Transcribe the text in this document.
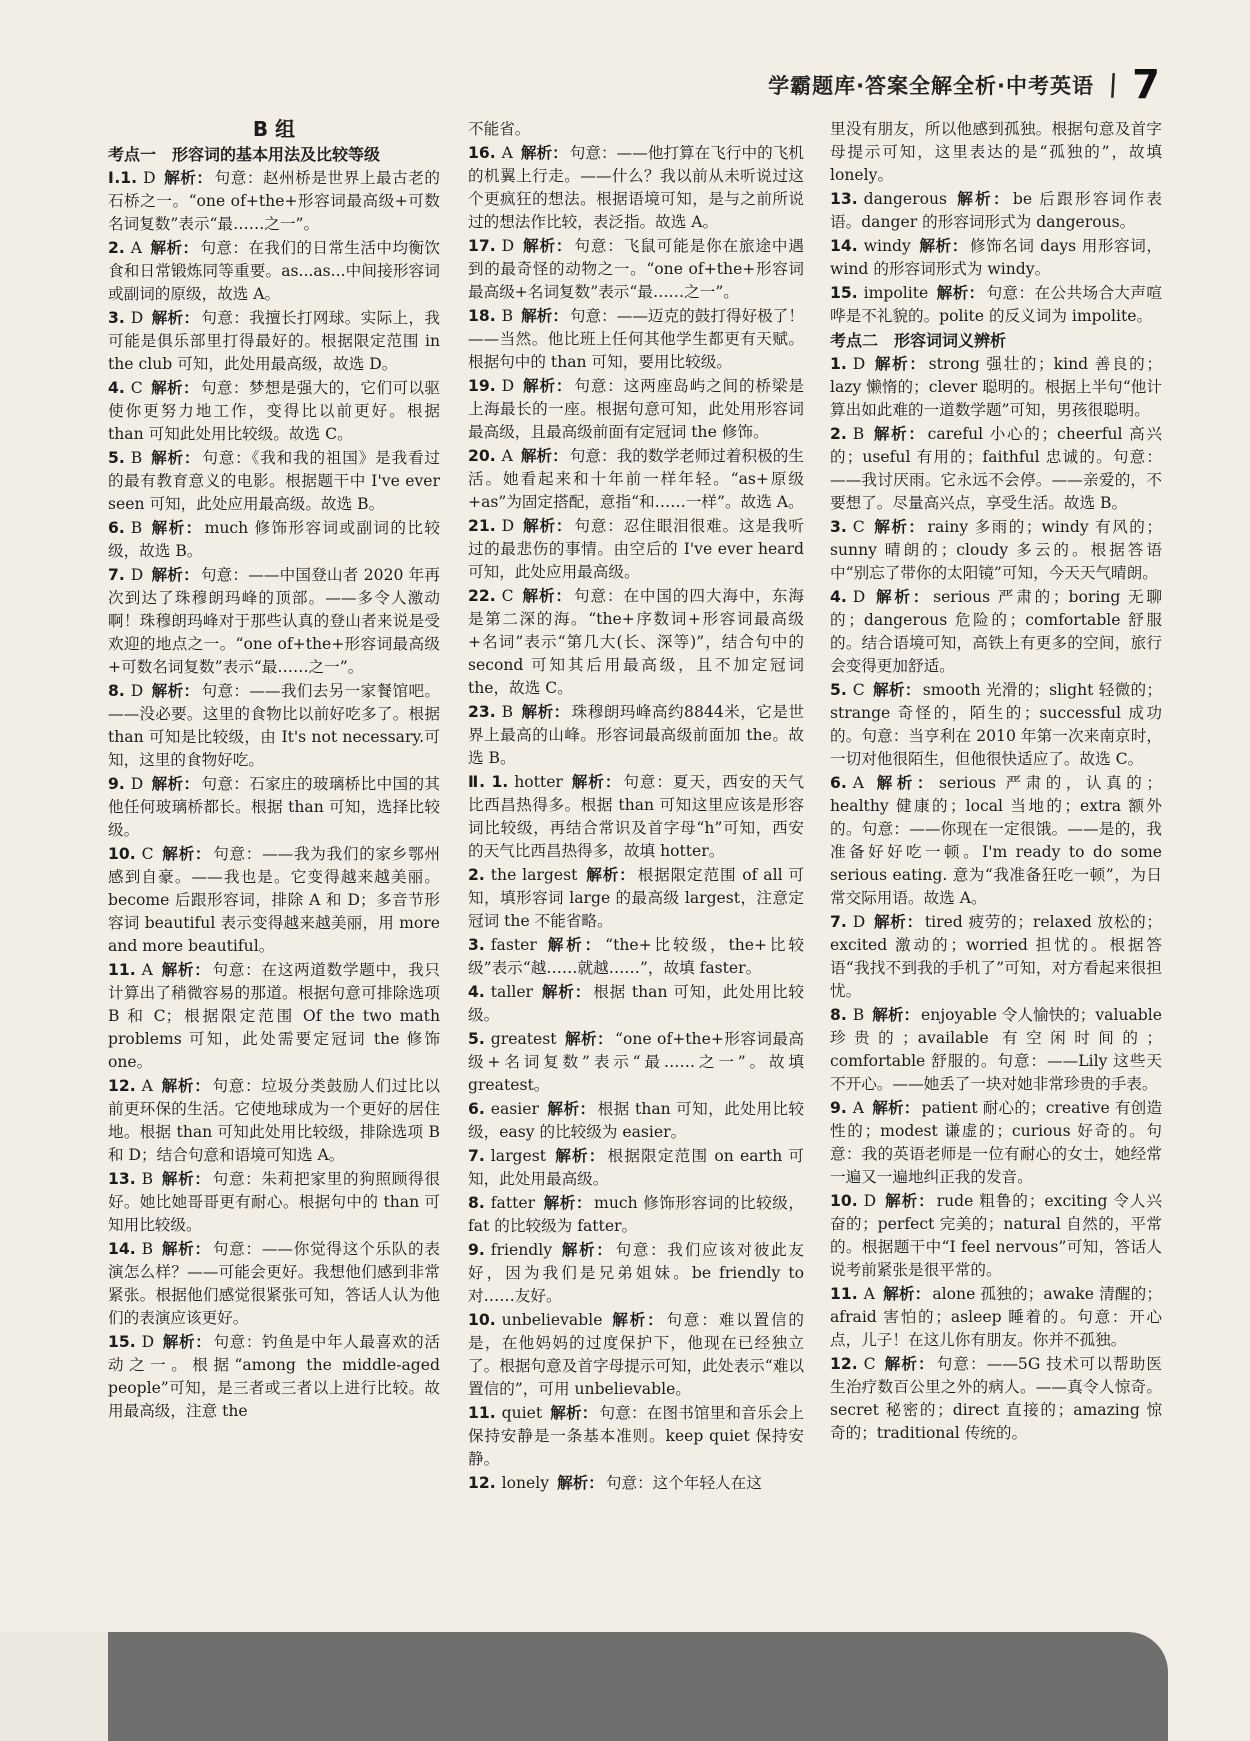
学霸题库·答案全解全析·中考英语 \ 7
B 组
考点一　形容词的基本用法及比较等级
Ⅰ.1. D 解析： 句意：赵州桥是世界上最古老的石桥之一。“one of+the+形容词最高级+可数名词复数”表示“最……之一”。
2. A 解析： 句意：在我们的日常生活中均衡饮食和日常锻炼同等重要。as...as...中间接形容词或副词的原级，故选 A。
3. D 解析： 句意：我擅长打网球。实际上，我可能是俱乐部里打得最好的。根据限定范围 in the club 可知，此处用最高级，故选 D。
4. C 解析： 句意：梦想是强大的，它们可以驱使你更努力地工作，变得比以前更好。根据 than 可知此处用比较级。故选 C。
5. B 解析： 句意：《我和我的祖国》是我看过的最有教育意义的电影。根据题干中 I've ever seen 可知，此处应用最高级。故选 B。
6. B 解析： much 修饰形容词或副词的比较级，故选 B。
7. D 解析： 句意：——中国登山者 2020 年再次到达了珠穆朗玛峰的顶部。——多令人激动啊！珠穆朗玛峰对于那些认真的登山者来说是受欢迎的地点之一。“one of+the+形容词最高级+可数名词复数”表示“最……之一”。
8. D 解析： 句意：——我们去另一家餐馆吧。——没必要。这里的食物比以前好吃多了。根据 than 可知是比较级，由 It's not necessary.可知，这里的食物好吃。
9. D 解析： 句意：石家庄的玻璃桥比中国的其他任何玻璃桥都长。根据 than 可知，选择比较级。
10. C 解析： 句意：——我为我们的家乡鄂州感到自豪。——我也是。它变得越来越美丽。become 后跟形容词，排除 A 和 D；多音节形容词 beautiful 表示变得越来越美丽，用 more and more beautiful。
11. A 解析： 句意：在这两道数学题中，我只计算出了稍微容易的那道。根据句意可排除选项 B 和 C；根据限定范围 Of the two math problems 可知，此处需要定冠词 the 修饰 one。
12. A 解析： 句意：垃圾分类鼓励人们过比以前更环保的生活。它使地球成为一个更好的居住地。根据 than 可知此处用比较级，排除选项 B 和 D；结合句意和语境可知选 A。
13. B 解析： 句意：朱莉把家里的狗照顾得很好。她比她哥哥更有耐心。根据句中的 than 可知用比较级。
14. B 解析： 句意：——你觉得这个乐队的表演怎么样？——可能会更好。我想他们感到非常紧张。根据他们感觉很紧张可知，答话人认为他们的表演应该更好。
15. D 解析： 句意：钓鱼是中年人最喜欢的活动之一。根据“among the middle-aged people”可知，是三者或三者以上进行比较。故用最高级，注意 the
不能省。
16. A 解析： 句意：——他打算在飞行中的飞机的机翼上行走。——什么？我以前从未听说过这个更疯狂的想法。根据语境可知，是与之前所说过的想法作比较，表泛指。故选 A。
17. D 解析： 句意：飞鼠可能是你在旅途中遇到的最奇怪的动物之一。“one of+the+形容词最高级+名词复数”表示“最……之一”。
18. B 解析： 句意：——迈克的鼓打得好极了！——当然。他比班上任何其他学生都更有天赋。根据句中的 than 可知，要用比较级。
19. D 解析： 句意：这两座岛屿之间的桥梁是上海最长的一座。根据句意可知，此处用形容词最高级，且最高级前面有定冠词 the 修饰。
20. A 解析： 句意：我的数学老师过着积极的生活。她看起来和十年前一样年轻。“as+原级+as”为固定搭配，意指“和……一样”。故选 A。
21. D 解析： 句意：忍住眼泪很难。这是我听过的最悲伤的事情。由空后的 I've ever heard 可知，此处应用最高级。
22. C 解析： 句意：在中国的四大海中，东海是第二深的海。“the+序数词+形容词最高级+名词”表示“第几大(长、深等)”，结合句中的 second 可知其后用最高级，且不加定冠词 the，故选 C。
23. B 解析： 珠穆朗玛峰高约8844米，它是世界上最高的山峰。形容词最高级前面加 the。故选 B。
Ⅱ. 1. hotter 解析： 句意：夏天，西安的天气比西昌热得多。根据 than 可知这里应该是形容词比较级，再结合常识及首字母“h”可知，西安的天气比西昌热得多，故填 hotter。
2. the largest 解析： 根据限定范围 of all 可知，填形容词 large 的最高级 largest，注意定冠词 the 不能省略。
3. faster 解析： “the+比较级，the+比较级”表示“越……就越……”，故填 faster。
4. taller 解析： 根据 than 可知，此处用比较级。
5. greatest 解析： “one of+the+形容词最高级+名词复数”表示“最……之一”。故填 greatest。
6. easier 解析： 根据 than 可知，此处用比较级，easy 的比较级为 easier。
7. largest 解析： 根据限定范围 on earth 可知，此处用最高级。
8. fatter 解析： much 修饰形容词的比较级，fat 的比较级为 fatter。
9. friendly 解析： 句意：我们应该对彼此友好，因为我们是兄弟姐妹。be friendly to 对……友好。
10. unbelievable 解析： 句意：难以置信的是，在他妈妈的过度保护下，他现在已经独立了。根据句意及首字母提示可知，此处表示“难以置信的”，可用 unbelievable。
11. quiet 解析： 句意：在图书馆里和音乐会上保持安静是一条基本准则。keep quiet 保持安静。
12. lonely 解析： 句意：这个年轻人在这
里没有朋友，所以他感到孤独。根据句意及首字母提示可知，这里表达的是“孤独的”，故填 lonely。
13. dangerous 解析： be 后跟形容词作表语。danger 的形容词形式为 dangerous。
14. windy 解析： 修饰名词 days 用形容词，wind 的形容词形式为 windy。
15. impolite 解析： 句意：在公共场合大声喧哗是不礼貌的。polite 的反义词为 impolite。
考点二　形容词词义辨析
1. D 解析： strong 强壮的；kind 善良的；lazy 懒惰的；clever 聪明的。根据上半句“他计算出如此难的一道数学题”可知，男孩很聪明。
2. B 解析： careful 小心的；cheerful 高兴的；useful 有用的；faithful 忠诚的。句意：——我讨厌雨。它永远不会停。——亲爱的，不要想了。尽量高兴点，享受生活。故选 B。
3. C 解析： rainy 多雨的；windy 有风的；sunny 晴朗的；cloudy 多云的。根据答语中“别忘了带你的太阳镜”可知，今天天气晴朗。
4. D 解析： serious 严肃的；boring 无聊的；dangerous 危险的；comfortable 舒服的。结合语境可知，高铁上有更多的空间，旅行会变得更加舒适。
5. C 解析： smooth 光滑的；slight 轻微的；strange 奇怪的，陌生的；successful 成功的。句意：当亨利在 2010 年第一次来南京时，一切对他很陌生，但他很快适应了。故选 C。
6. A 解析： serious 严肃的，认真的；healthy 健康的；local 当地的；extra 额外的。句意：——你现在一定很饿。——是的，我准备好好吃一顿。I'm ready to do some serious eating. 意为“我准备狂吃一顿”，为日常交际用语。故选 A。
7. D 解析： tired 疲劳的；relaxed 放松的；excited 激动的；worried 担忧的。根据答语“我找不到我的手机了”可知，对方看起来很担忧。
8. B 解析： enjoyable 令人愉快的；valuable 珍贵的；available 有空闲时间的；comfortable 舒服的。句意：——Lily 这些天不开心。——她丢了一块对她非常珍贵的手表。
9. A 解析： patient 耐心的；creative 有创造性的；modest 谦虚的；curious 好奇的。句意：我的英语老师是一位有耐心的女士，她经常一遍又一遍地纠正我的发音。
10. D 解析： rude 粗鲁的；exciting 令人兴奋的；perfect 完美的；natural 自然的，平常的。根据题干中“I feel nervous”可知，答话人说考前紧张是很平常的。
11. A 解析： alone 孤独的；awake 清醒的；afraid 害怕的；asleep 睡着的。句意：开心点，儿子！在这儿你有朋友。你并不孤独。
12. C 解析： 句意：——5G 技术可以帮助医生治疗数百公里之外的病人。——真令人惊奇。secret 秘密的；direct 直接的；amazing 惊奇的；traditional 传统的。
